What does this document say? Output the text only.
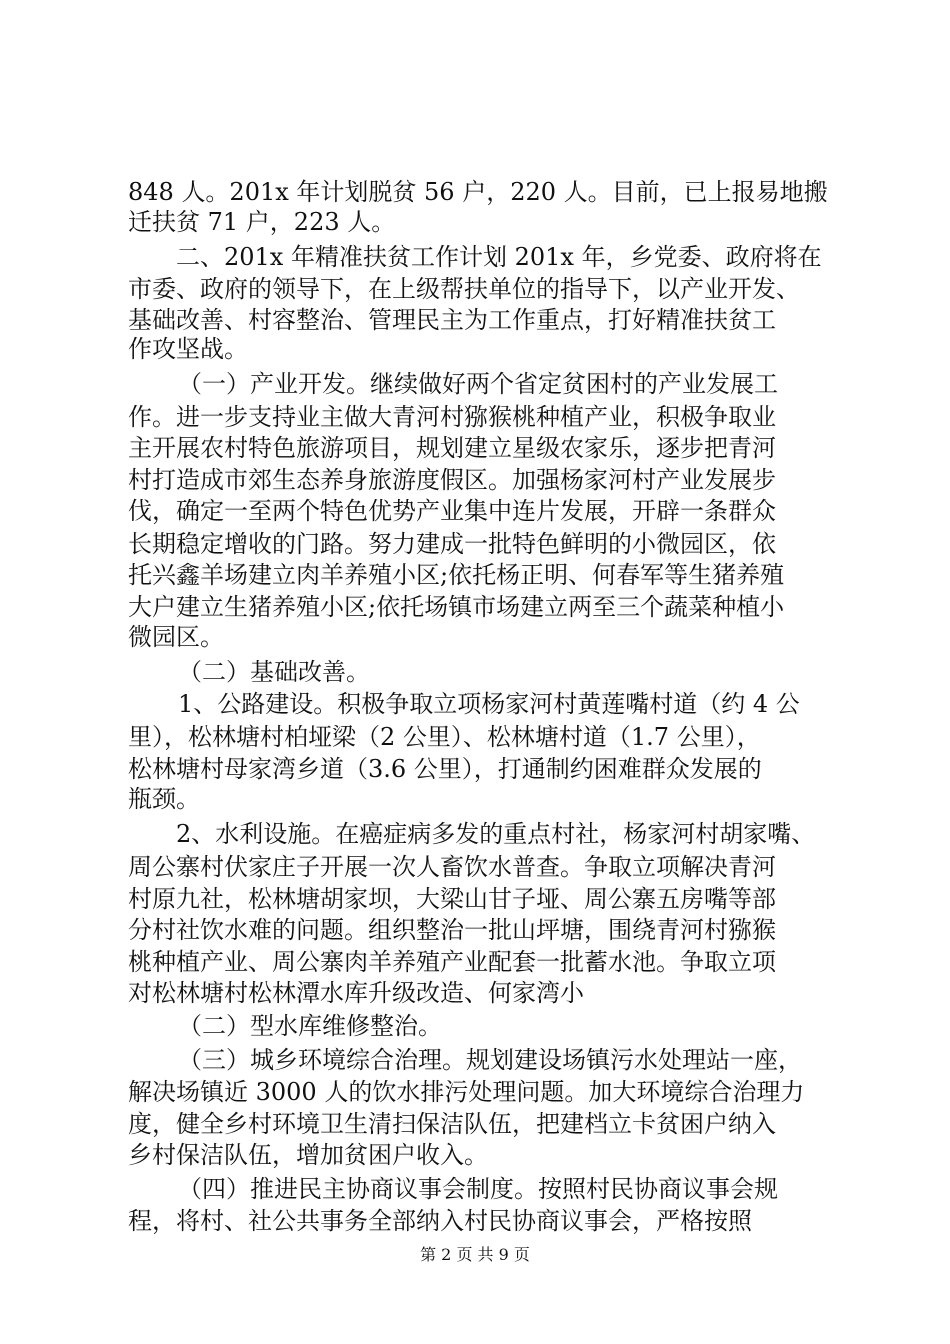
848 人。201x 年计划脱贫 56 户，220 人。目前，已上报易地搬
迁扶贫 71 户，223 人。
二、201x 年精准扶贫工作计划 201x 年，乡党委、政府将在
市委、政府的领导下，在上级帮扶单位的指导下，以产业开发、
基础改善、村容整治、管理民主为工作重点，打好精准扶贫工
作攻坚战。
（一）产业开发。继续做好两个省定贫困村的产业发展工
作。进一步支持业主做大青河村猕猴桃种植产业，积极争取业
主开展农村特色旅游项目，规划建立星级农家乐，逐步把青河
村打造成市郊生态养身旅游度假区。加强杨家河村产业发展步
伐，确定一至两个特色优势产业集中连片发展，开辟一条群众
长期稳定增收的门路。努力建成一批特色鲜明的小微园区，依
托兴鑫羊场建立肉羊养殖小区;依托杨正明、何春军等生猪养殖
大户建立生猪养殖小区;依托场镇市场建立两至三个蔬菜种植小
微园区。
（二）基础改善。
1、公路建设。积极争取立项杨家河村黄莲嘴村道（约 4 公
里），松林塘村柏垭梁（2 公里）、松林塘村道（1.7 公里），
松林塘村母家湾乡道（3.6 公里），打通制约困难群众发展的
瓶颈。
2、水利设施。在癌症病多发的重点村社，杨家河村胡家嘴、
周公寨村伏家庄子开展一次人畜饮水普查。争取立项解决青河
村原九社，松林塘胡家坝，大梁山甘子垭、周公寨五房嘴等部
分村社饮水难的问题。组织整治一批山坪塘，围绕青河村猕猴
桃种植产业、周公寨肉羊养殖产业配套一批蓄水池。争取立项
对松林塘村松林潭水库升级改造、何家湾小
（二）型水库维修整治。
（三）城乡环境综合治理。规划建设场镇污水处理站一座，
解决场镇近 3000 人的饮水排污处理问题。加大环境综合治理力
度，健全乡村环境卫生清扫保洁队伍，把建档立卡贫困户纳入
乡村保洁队伍，增加贫困户收入。
（四）推进民主协商议事会制度。按照村民协商议事会规
程，将村、社公共事务全部纳入村民协商议事会，严格按照
第 2 页 共 9 页
